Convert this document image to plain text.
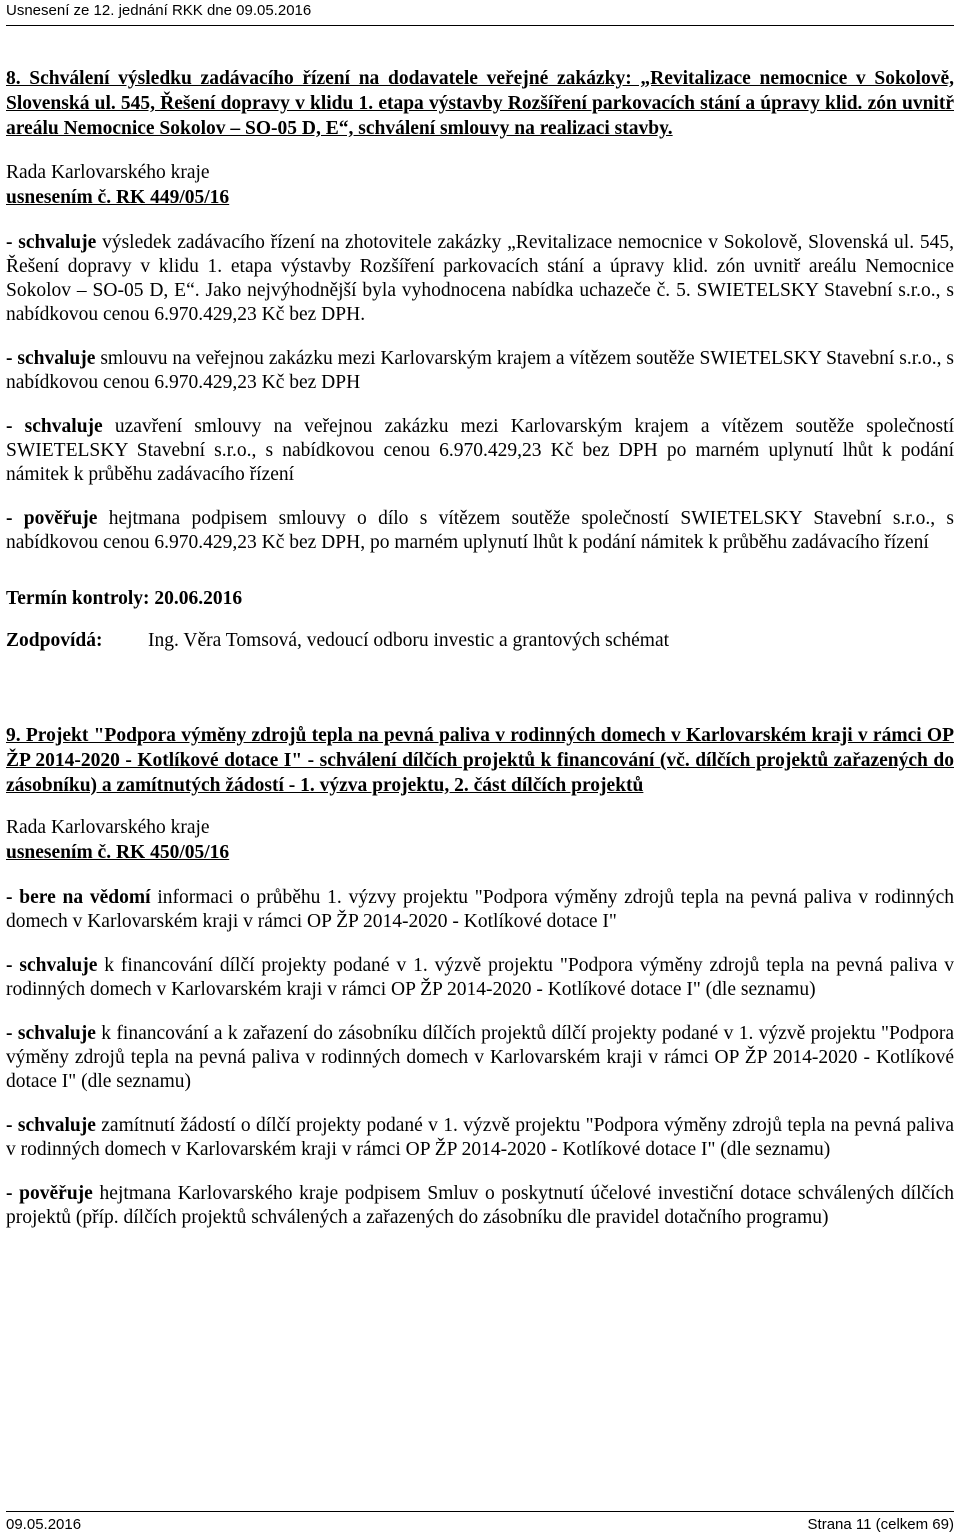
Usnesení ze 12. jednání RKK dne 09.05.2016

8. Schválení výsledku zadávacího řízení na dodavatele veřejné zakázky: „Revitalizace nemocnice v Sokolově, Slovenská ul. 545, Řešení dopravy v klidu 1. etapa výstavby Rozšíření parkovacích stání a úpravy klid. zón uvnitř areálu Nemocnice Sokolov – SO-05 D, E“, schválení smlouvy na realizaci stavby.

Rada Karlovarského kraje

usnesením č. RK 449/05/16

- schvaluje výsledek zadávacího řízení na zhotovitele zakázky „Revitalizace nemocnice v Sokolově, Slovenská ul. 545, Řešení dopravy v klidu 1. etapa výstavby Rozšíření parkovacích stání a úpravy klid. zón uvnitř areálu Nemocnice Sokolov – SO-05 D, E“. Jako nejvýhodnější byla vyhodnocena nabídka uchazeče č. 5. SWIETELSKY Stavební s.r.o., s nabídkovou cenou 6.970.429,23 Kč bez DPH.

- schvaluje smlouvu na veřejnou zakázku mezi Karlovarským krajem a vítězem soutěže SWIETELSKY Stavební s.r.o., s nabídkovou cenou 6.970.429,23 Kč bez DPH

- schvaluje uzavření smlouvy na veřejnou zakázku mezi Karlovarským krajem a vítězem soutěže společností SWIETELSKY Stavební s.r.o., s nabídkovou cenou 6.970.429,23 Kč bez DPH po marném uplynutí lhůt k podání námitek k průběhu zadávacího řízení

- pověřuje hejtmana podpisem smlouvy o dílo s vítězem soutěže společností SWIETELSKY Stavební s.r.o., s nabídkovou cenou 6.970.429,23 Kč bez DPH, po marném uplynutí lhůt k podání námitek k průběhu zadávacího řízení

Termín kontroly: 20.06.2016

Zodpovídá: Ing. Věra Tomsová, vedoucí odboru investic a grantových schémat

9. Projekt "Podpora výměny zdrojů tepla na pevná paliva v rodinných domech v Karlovarském kraji v rámci OP ŽP 2014-2020 - Kotlíkové dotace I" - schválení dílčích projektů k financování (vč. dílčích projektů zařazených do zásobníku) a zamítnutých žádostí - 1. výzva projektu, 2. část dílčích projektů

Rada Karlovarského kraje

usnesením č. RK 450/05/16

- bere na vědomí informaci o průběhu 1. výzvy projektu "Podpora výměny zdrojů tepla na pevná paliva v rodinných domech v Karlovarském kraji v rámci OP ŽP 2014-2020 - Kotlíkové dotace I"

- schvaluje k financování dílčí projekty podané v 1. výzvě projektu "Podpora výměny zdrojů tepla na pevná paliva v rodinných domech v Karlovarském kraji v rámci OP ŽP 2014-2020 - Kotlíkové dotace I" (dle seznamu)

- schvaluje k financování a k zařazení do zásobníku dílčích projektů dílčí projekty podané v 1. výzvě projektu "Podpora výměny zdrojů tepla na pevná paliva v rodinných domech v Karlovarském kraji v rámci OP ŽP 2014-2020 - Kotlíkové dotace I" (dle seznamu)

- schvaluje zamítnutí žádostí o dílčí projekty podané v 1. výzvě projektu "Podpora výměny zdrojů tepla na pevná paliva v rodinných domech v Karlovarském kraji v rámci OP ŽP 2014-2020 - Kotlíkové dotace I" (dle seznamu)

- pověřuje hejtmana Karlovarského kraje podpisem Smluv o poskytnutí účelové investiční dotace schválených dílčích projektů (příp. dílčích projektů schválených a zařazených do zásobníku dle pravidel dotačního programu)

09.05.2016	Strana 11 (celkem 69)
